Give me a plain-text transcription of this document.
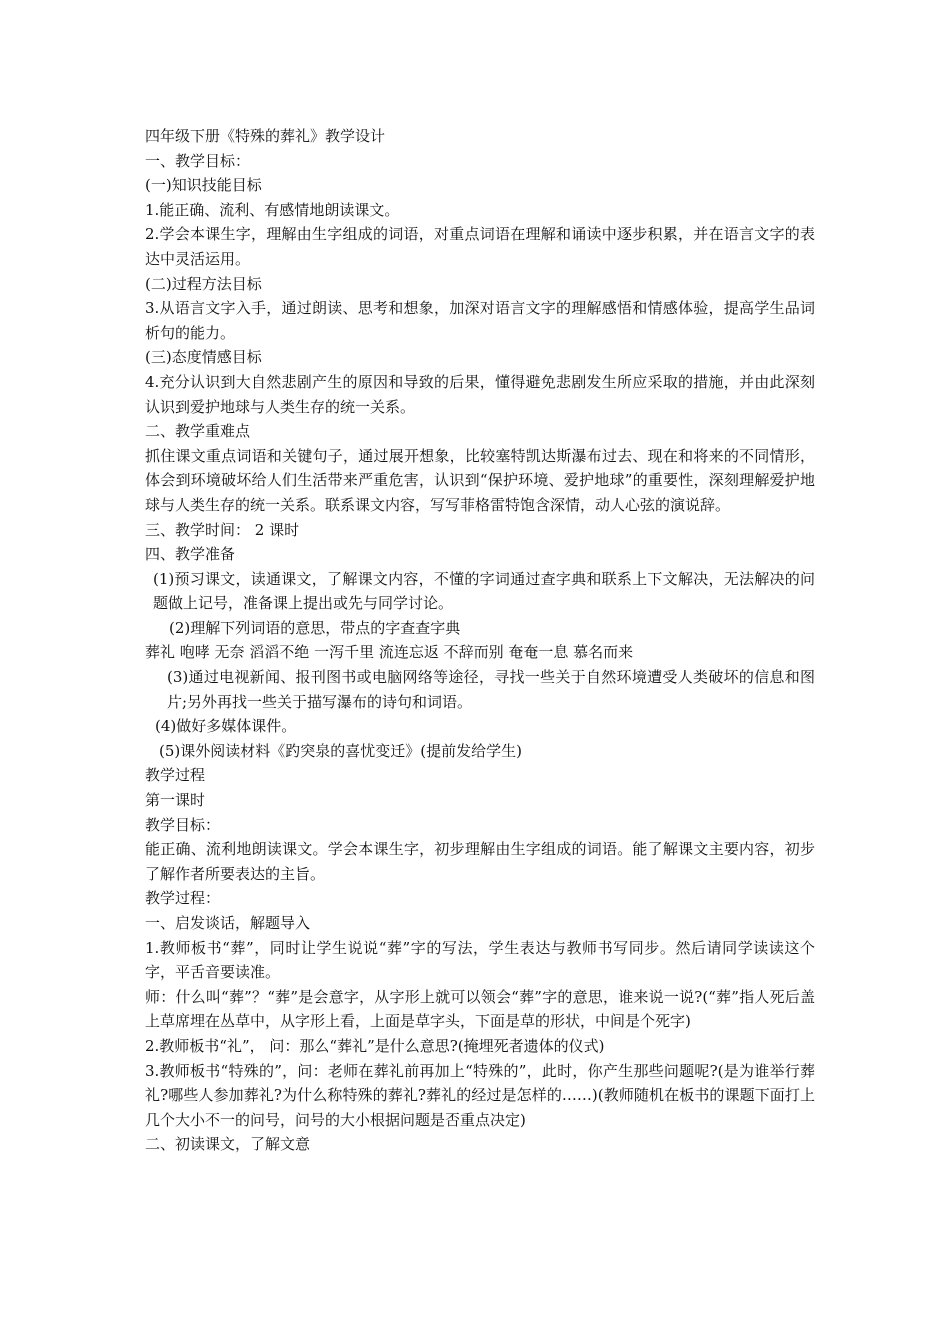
四年级下册《特殊的葬礼》教学设计
一、教学目标：
(一)知识技能目标
1.能正确、流利、有感情地朗读课文。
2.学会本课生字，理解由生字组成的词语，对重点词语在理解和诵读中逐步积累，并在语言文字的表达中灵活运用。
(二)过程方法目标
3.从语言文字入手，通过朗读、思考和想象，加深对语言文字的理解感悟和情感体验，提高学生品词析句的能力。
(三)态度情感目标
4.充分认识到大自然悲剧产生的原因和导致的后果，懂得避免悲剧发生所应采取的措施，并由此深刻认识到爱护地球与人类生存的统一关系。
二、教学重难点
抓住课文重点词语和关键句子，通过展开想象，比较塞特凯达斯瀑布过去、现在和将来的不同情形，体会到环境破坏给人们生活带来严重危害，认识到“保护环境、爱护地球”的重要性，深刻理解爱护地球与人类生存的统一关系。联系课文内容，写写菲格雷特饱含深情，动人心弦的演说辞。
三、教学时间： 2 课时
四、教学准备
(1)预习课文，读通课文，了解课文内容，不懂的字词通过查字典和联系上下文解决，无法解决的问题做上记号，准备课上提出或先与同学讨论。
(2)理解下列词语的意思，带点的字查查字典
葬礼 咆哮 无奈 滔滔不绝 一泻千里 流连忘返 不辞而别 奄奄一息 慕名而来
(3)通过电视新闻、报刊图书或电脑网络等途径，寻找一些关于自然环境遭受人类破坏的信息和图片;另外再找一些关于描写瀑布的诗句和词语。
(4)做好多媒体课件。
(5)课外阅读材料《趵突泉的喜忧变迁》(提前发给学生)
教学过程
第一课时
教学目标：
能正确、流利地朗读课文。学会本课生字，初步理解由生字组成的词语。能了解课文主要内容，初步了解作者所要表达的主旨。
教学过程：
一、启发谈话，解题导入
1.教师板书“葬”，同时让学生说说“葬”字的写法，学生表达与教师书写同步。然后请同学读读这个字，平舌音要读准。
师：什么叫“葬”？“葬”是会意字，从字形上就可以领会“葬”字的意思，谁来说一说?(“葬”指人死后盖上草席埋在丛草中，从字形上看，上面是草字头，下面是草的形状，中间是个死字)
2.教师板书“礼”， 问：那么“葬礼”是什么意思?(掩埋死者遗体的仪式)
3.教师板书“特殊的”，问：老师在葬礼前再加上“特殊的”，此时，你产生那些问题呢?(是为谁举行葬礼?哪些人参加葬礼?为什么称特殊的葬礼?葬礼的经过是怎样的……)(教师随机在板书的课题下面打上几个大小不一的问号，问号的大小根据问题是否重点决定)
二、初读课文，了解文意
